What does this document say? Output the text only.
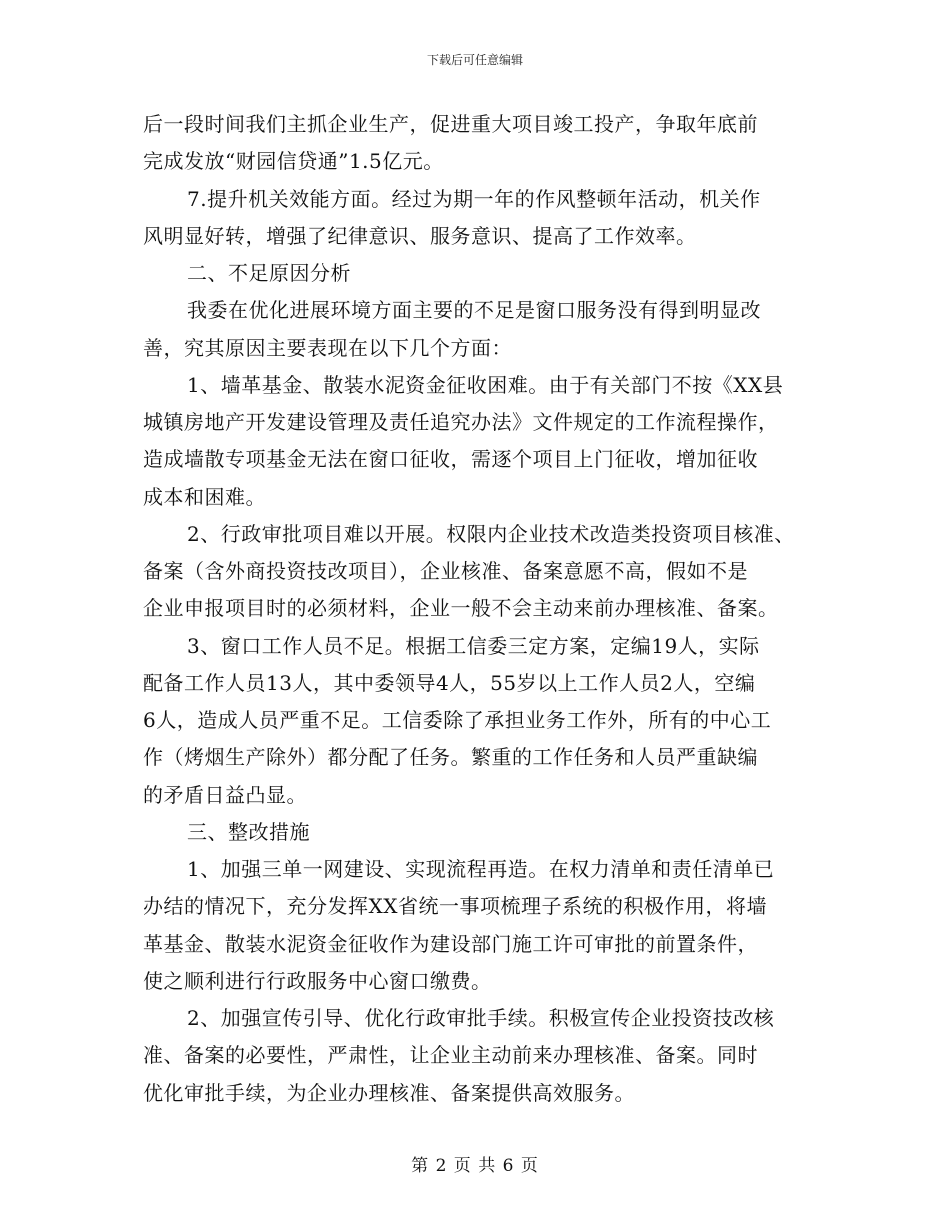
下载后可任意编辑
后一段时间我们主抓企业生产，促进重大项目竣工投产，争取年底前
完成发放“财园信贷通”1.5亿元。
7.提升机关效能方面。经过为期一年的作风整顿年活动，机关作
风明显好转，增强了纪律意识、服务意识、提高了工作效率。
二、不足原因分析
我委在优化进展环境方面主要的不足是窗口服务没有得到明显改
善，究其原因主要表现在以下几个方面：
1、墙革基金、散装水泥资金征收困难。由于有关部门不按《XX县
城镇房地产开发建设管理及责任追究办法》文件规定的工作流程操作，
造成墙散专项基金无法在窗口征收，需逐个项目上门征收，增加征收
成本和困难。
2、行政审批项目难以开展。权限内企业技术改造类投资项目核准、
备案（含外商投资技改项目），企业核准、备案意愿不高，假如不是
企业申报项目时的必须材料，企业一般不会主动来前办理核准、备案。
3、窗口工作人员不足。根据工信委三定方案，定编19人，实际
配备工作人员13人，其中委领导4人，55岁以上工作人员2人，空编
6人，造成人员严重不足。工信委除了承担业务工作外，所有的中心工
作（烤烟生产除外）都分配了任务。繁重的工作任务和人员严重缺编
的矛盾日益凸显。
三、整改措施
1、加强三单一网建设、实现流程再造。在权力清单和责任清单已
办结的情况下，充分发挥XX省统一事项梳理子系统的积极作用，将墙
革基金、散装水泥资金征收作为建设部门施工许可审批的前置条件，
使之顺利进行行政服务中心窗口缴费。
2、加强宣传引导、优化行政审批手续。积极宣传企业投资技改核
准、备案的必要性，严肃性，让企业主动前来办理核准、备案。同时
优化审批手续，为企业办理核准、备案提供高效服务。
第 2 页 共 6 页
